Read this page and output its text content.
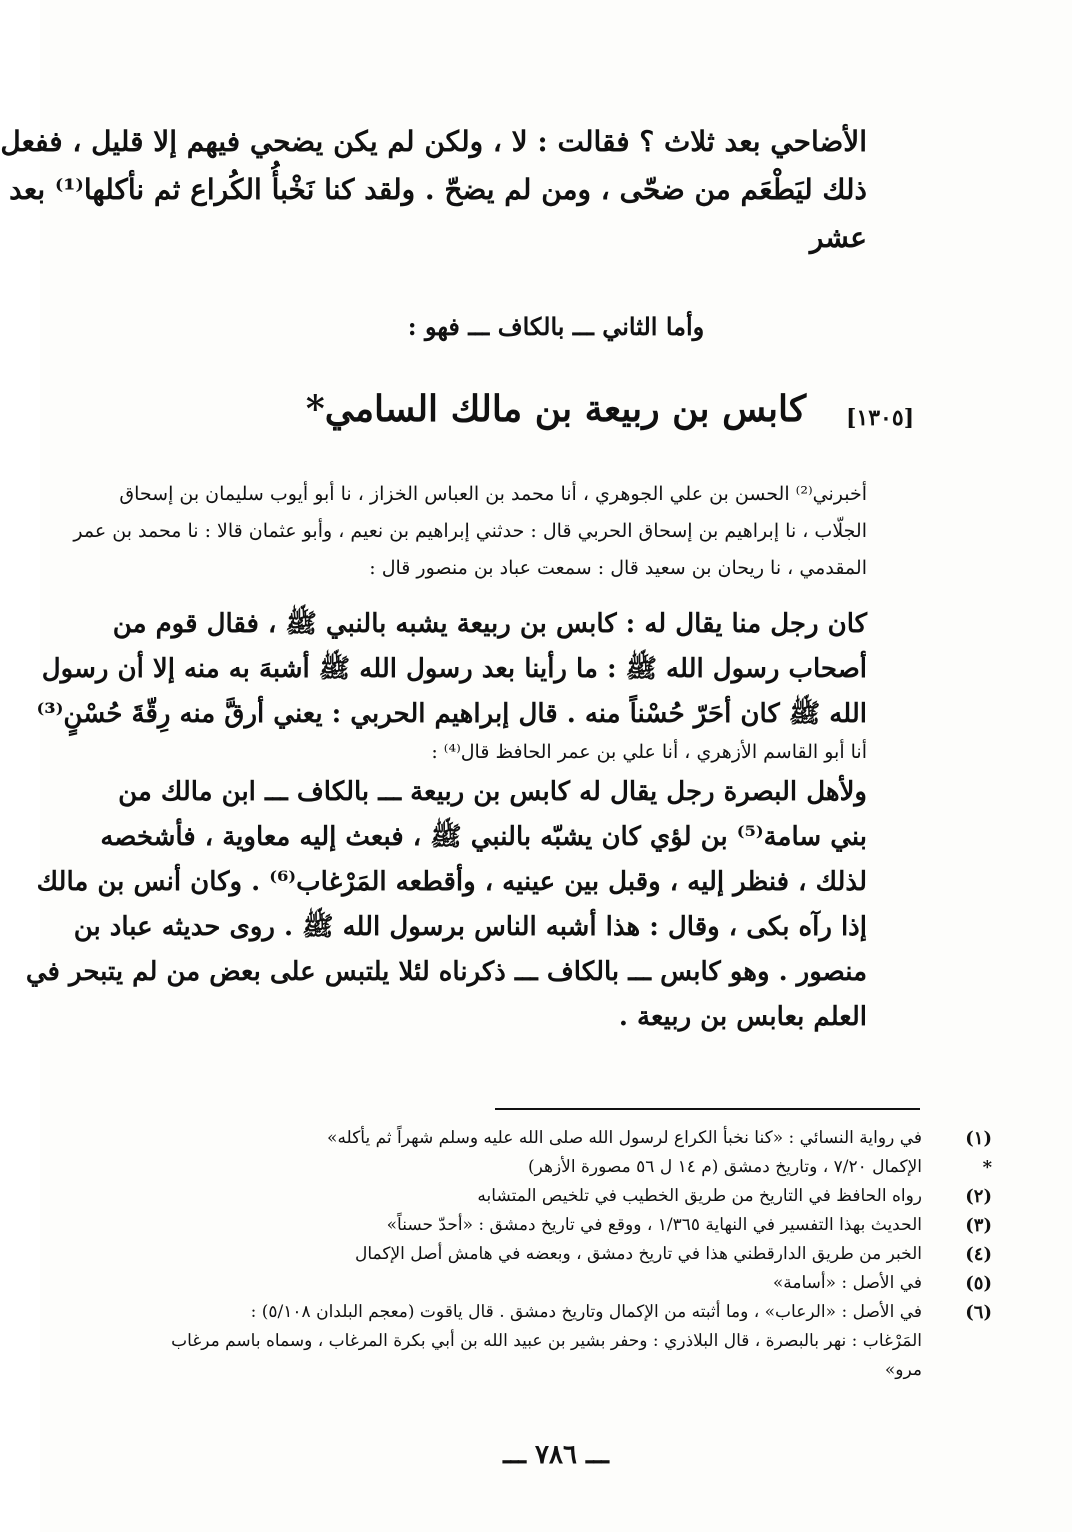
الأضاحي بعد ثلاث ؟ فقالت : لا ، ولكن لم يكن يضحي فيهم إلا قليل ، ففعل
ذلك ليَطْعَم من ضحّى ، ومن لم يضحّ . ولقد كنا نَخْبأُ الكُراع ثم نأكلها⁽¹⁾ بعد
عشر
وأما الثاني ـــ بالكاف ـــ فهو :
[١٣٠٥]
كابس بن ربيعة بن مالك السامي*
أخبرني⁽²⁾ الحسن بن علي الجوهري ، أنا محمد بن العباس الخزاز ، نا أبو أيوب سليمان بن إسحاق
الجلّاب ، نا إبراهيم بن إسحاق الحربي قال : حدثني إبراهيم بن نعيم ، وأبو عثمان قالا : نا محمد بن عمر
المقدمي ، نا ريحان بن سعيد قال : سمعت عباد بن منصور قال :
كان رجل منا يقال له : كابس بن ربيعة يشبه بالنبي ﷺ ، فقال قوم من
أصحاب رسول الله ﷺ : ما رأينا بعد رسول الله ﷺ أشبهَ به منه إلا أن رسول
الله ﷺ كان أحَرّ حُسْناً منه . قال إبراهيم الحربي : يعني أرقَّ منه رِقّةَ حُسْنٍ⁽³⁾
أنا أبو القاسم الأزهري ، أنا علي بن عمر الحافظ قال⁽⁴⁾ :
ولأهل البصرة رجل يقال له كابس بن ربيعة ـــ بالكاف ـــ ابن مالك من
بني سامة⁽⁵⁾ بن لؤي كان يشبّه بالنبي ﷺ ، فبعث إليه معاوية ، فأشخصه
لذلك ، فنظر إليه ، وقبل بين عينيه ، وأقطعه المَرْغاب⁽⁶⁾ . وكان أنس بن مالك
إذا رآه بكى ، وقال : هذا أشبه الناس برسول الله ﷺ . روى حديثه عباد بن
منصور . وهو كابس ـــ بالكاف ـــ ذكرناه لئلا يلتبس على بعض من لم يتبحر في
العلم بعابس بن ربيعة .
(١)
في رواية النسائي : «كنا نخبأ الكراع لرسول الله صلى الله عليه وسلم شهراً ثم يأكله»
*
الإكمال ٧/٢٠ ، وتاريخ دمشق (م ١٤ ل ٥٦ مصورة الأزهر)
(٢)
رواه الحافظ في التاريخ من طريق الخطيب في تلخيص المتشابه
(٣)
الحديث بهذا التفسير في النهاية ١/٣٦٥ ، ووقع في تاريخ دمشق : «أحدّ حسناً»
(٤)
الخبر من طريق الدارقطني هذا في تاريخ دمشق ، وبعضه في هامش أصل الإكمال
(٥)
في الأصل : «أسامة»
(٦)
في الأصل : «الرعاب» ، وما أثبته من الإكمال وتاريخ دمشق . قال ياقوت (معجم البلدان ٥/١٠٨) :
المَرْغاب : نهر بالبصرة ، قال البلاذري : وحفر بشير بن عبيد الله بن أبي بكرة المرغاب ، وسماه باسم مرغاب
مرو»
ـــ ٧٨٦ ـــ
